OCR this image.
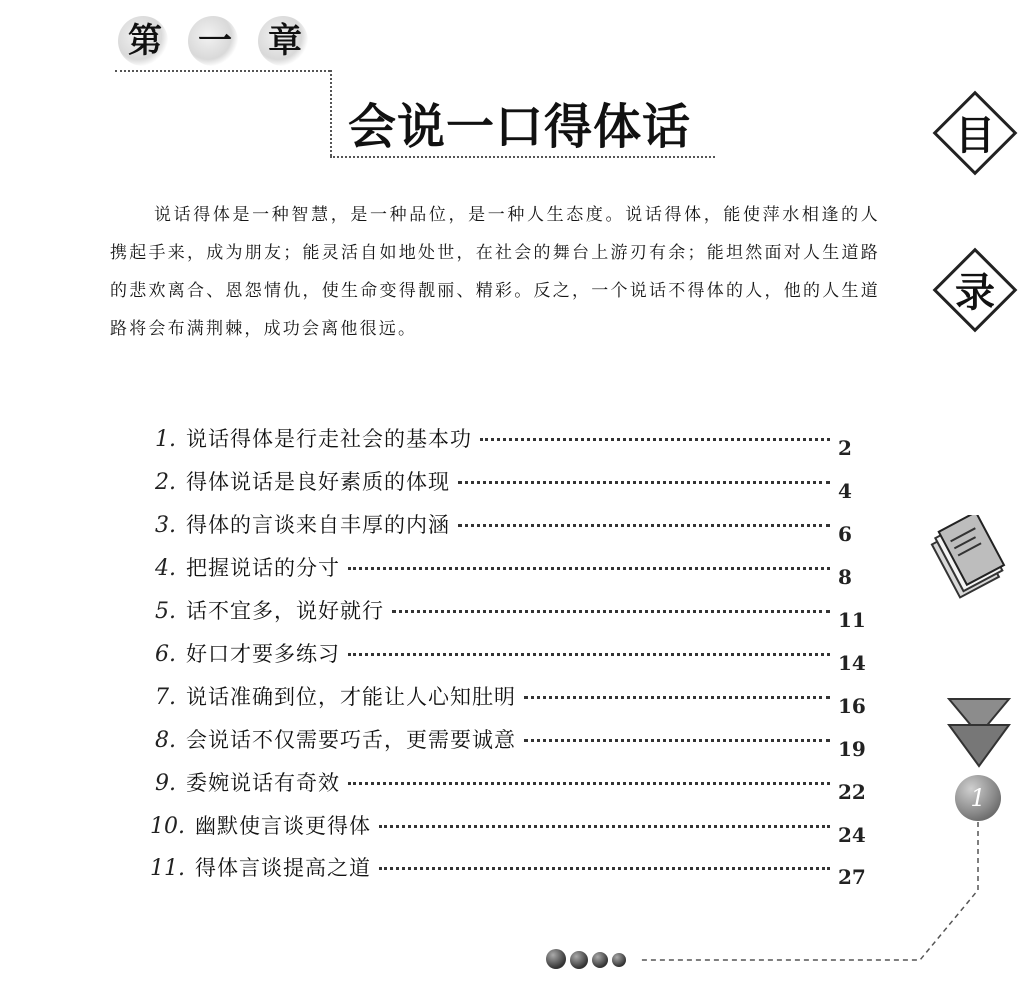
第 一 章
会说一口得体话	目
录
说话得体是一种智慧，是一种品位，是一种人生态度。说话得体，能使萍水相逢的人携起手来，成为朋友；能灵活自如地处世，在社会的舞台上游刃有余；能坦然面对人生道路的悲欢离合、恩怨情仇，使生命变得靓丽、精彩。反之，一个说话不得体的人，他的人生道路将会布满荆棘，成功会离他很远。
1. 说话得体是行走社会的基本功	2
2. 得体说话是良好素质的体现	4
3. 得体的言谈来自丰厚的内涵	6
4. 把握说话的分寸	8
5. 话不宜多，说好就行	11
6. 好口才要多练习	14
7. 说话准确到位，才能让人心知肚明	16
8. 会说话不仅需要巧舌，更需要诚意	19
9. 委婉说话有奇效	22
10. 幽默使言谈更得体	24
11. 得体言谈提高之道	27
1
